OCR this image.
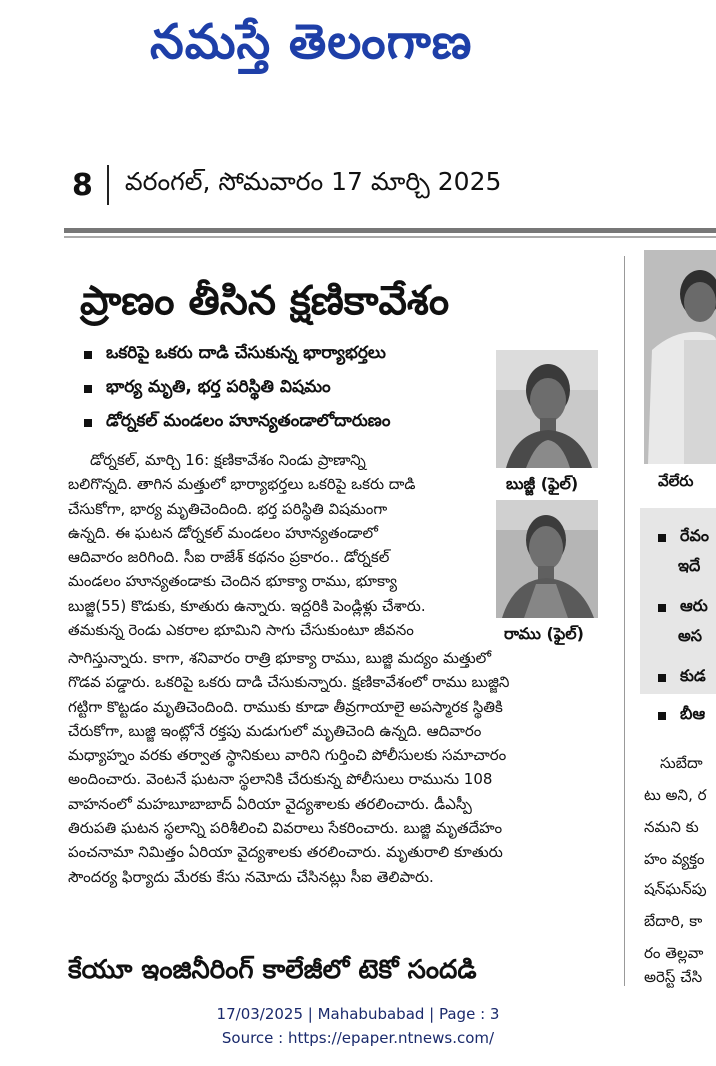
నమస్తే తెలంగాణ
8 వరంగల్, సోమవారం 17 మార్చి 2025
ప్రాణం తీసిన క్షణికావేశం
ఒకరిపై ఒకరు దాడి చేసుకున్న భార్యాభర్తలు
భార్య మృతి, భర్త పరిస్థితి విషమం
డోర్నకల్ మండలం హూన్యతండాలోదారుణం
బుజ్జీ (ఫైల్)
రాము (ఫైల్)
డోర్నకల్, మార్చి 16: క్షణికావేశం నిండు ప్రాణాన్ని
బలిగొన్నది. తాగిన మత్తులో భార్యాభర్తలు ఒకరిపై ఒకరు దాడి
చేసుకోగా, భార్య మృతిచెందింది. భర్త పరిస్థితి విషమంగా
ఉన్నది. ఈ ఘటన డోర్నకల్ మండలం హూన్యతండాలో
ఆదివారం జరిగింది. సీఐ రాజేశ్ కథనం ప్రకారం.. డోర్నకల్
మండలం హూన్యతండాకు చెందిన భూక్యా రాము, భూక్యా
బుజ్జి(55) కొడుకు, కూతురు ఉన్నారు. ఇద్దరికి పెండ్లిళ్లు చేశారు.
తమకున్న రెండు ఎకరాల భూమిని సాగు చేసుకుంటూ జీవనం
సాగిస్తున్నారు. కాగా, శనివారం రాత్రి భూక్యా రాము, బుజ్జి మద్యం మత్తులో
గొడవ పడ్డారు. ఒకరిపై ఒకరు దాడి చేసుకున్నారు. క్షణికావేశంలో రాము బుజ్జిని
గట్టిగా కొట్టడం మృతిచెందింది. రాముకు కూడా తీవ్రగాయాలై అపస్మారక స్థితికి
చేరుకోగా, బుజ్జి ఇంట్లోనే రక్తపు మడుగులో మృతిచెంది ఉన్నది. ఆదివారం
మధ్యాహ్నం వరకు తర్వాత స్థానికులు వారిని గుర్తించి పోలీసులకు సమాచారం
అందించారు. వెంటనే ఘటనా స్థలానికి చేరుకున్న పోలీసులు రామును 108
వాహనంలో మహబూబాబాద్ ఏరియా వైద్యశాలకు తరలించారు. డీఎస్పీ
తిరుపతి ఘటన స్థలాన్ని పరిశీలించి వివరాలు సేకరించారు. బుజ్జి మృతదేహం
పంచనామా నిమిత్తం ఏరియా వైద్యశాలకు తరలించారు. మృతురాలి కూతురు
సౌందర్య ఫిర్యాదు మేరకు కేసు నమోదు చేసినట్లు సీఐ తెలిపారు.
కేయూ ఇంజినీరింగ్ కాలేజీలో టెకో సందడి
వేలేరు
రేవం
ఇదే
ఆరు
అస
కుడ
బీఆ
సుబేదా
టు అని, ర
నమని కు
హం వ్యక్తం
షన్‌ఘన్‌పు
బేదారి, కా
రం తెల్లవా
అరెస్ట్ చేసి
17/03/2025 | Mahabubabad | Page : 3
Source : https://epaper.ntnews.com/
